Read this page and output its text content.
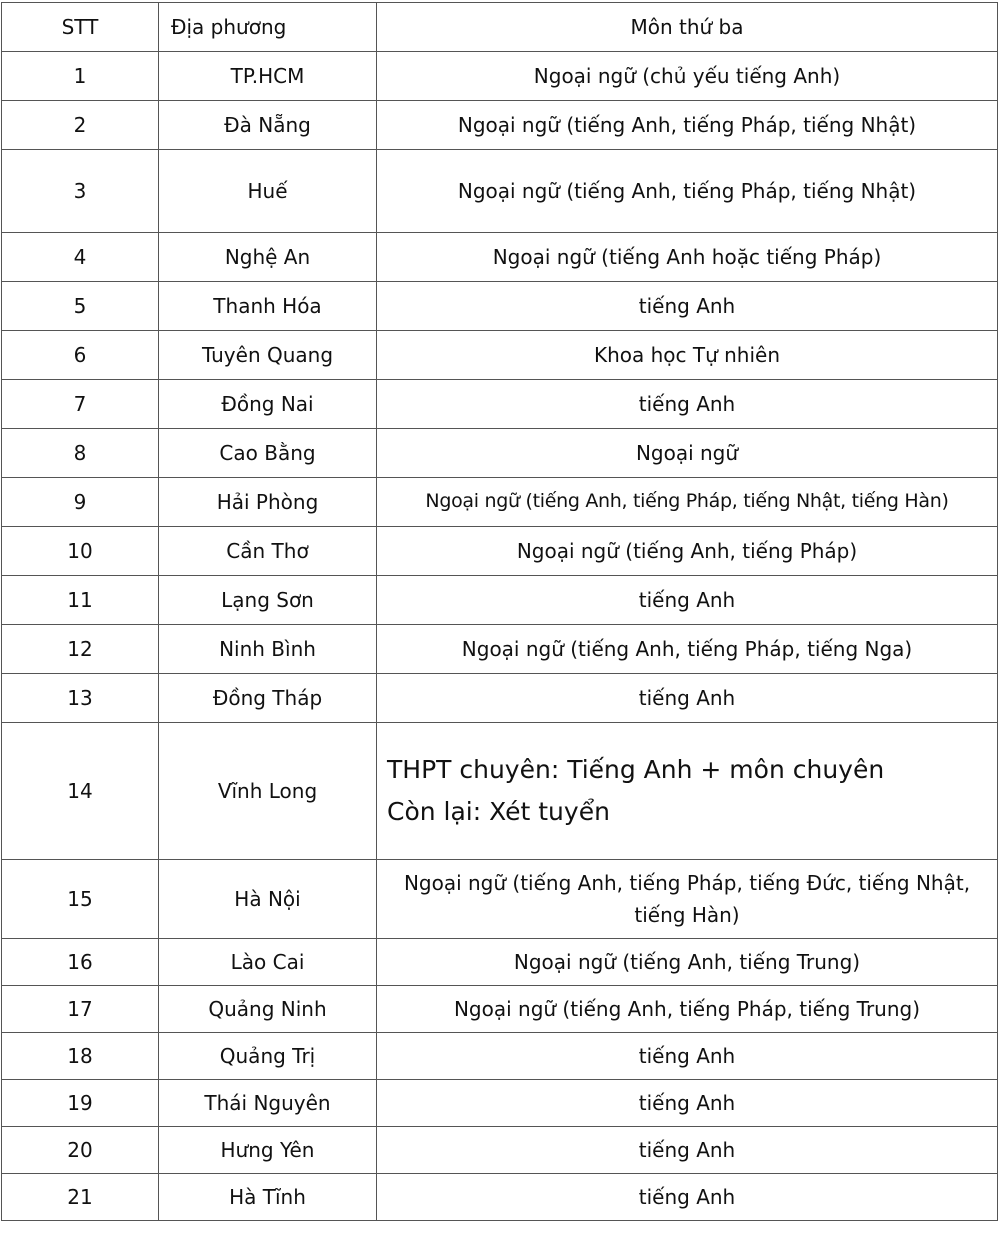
STT	Địa phương	Môn thứ ba
1	TP.HCM	Ngoại ngữ (chủ yếu tiếng Anh)
2	Đà Nẵng	Ngoại ngữ (tiếng Anh, tiếng Pháp, tiếng Nhật)
3	Huế	Ngoại ngữ (tiếng Anh, tiếng Pháp, tiếng Nhật)
4	Nghệ An	Ngoại ngữ (tiếng Anh hoặc tiếng Pháp)
5	Thanh Hóa	tiếng Anh
6	Tuyên Quang	Khoa học Tự nhiên
7	Đồng Nai	tiếng Anh
8	Cao Bằng	Ngoại ngữ
9	Hải Phòng	Ngoại ngữ (tiếng Anh, tiếng Pháp, tiếng Nhật, tiếng Hàn)
10	Cần Thơ	Ngoại ngữ (tiếng Anh, tiếng Pháp)
11	Lạng Sơn	tiếng Anh
12	Ninh Bình	Ngoại ngữ (tiếng Anh, tiếng Pháp, tiếng Nga)
13	Đồng Tháp	tiếng Anh
14	Vĩnh Long	THPT chuyên: Tiếng Anh + môn chuyên

Còn lại: Xét tuyển

15	Hà Nội	Ngoại ngữ (tiếng Anh, tiếng Pháp, tiếng Đức, tiếng Nhật, tiếng Hàn)
16	Lào Cai	Ngoại ngữ (tiếng Anh, tiếng Trung)
17	Quảng Ninh	Ngoại ngữ (tiếng Anh, tiếng Pháp, tiếng Trung)
18	Quảng Trị	tiếng Anh
19	Thái Nguyên	tiếng Anh
20	Hưng Yên	tiếng Anh
21	Hà Tĩnh	tiếng Anh
